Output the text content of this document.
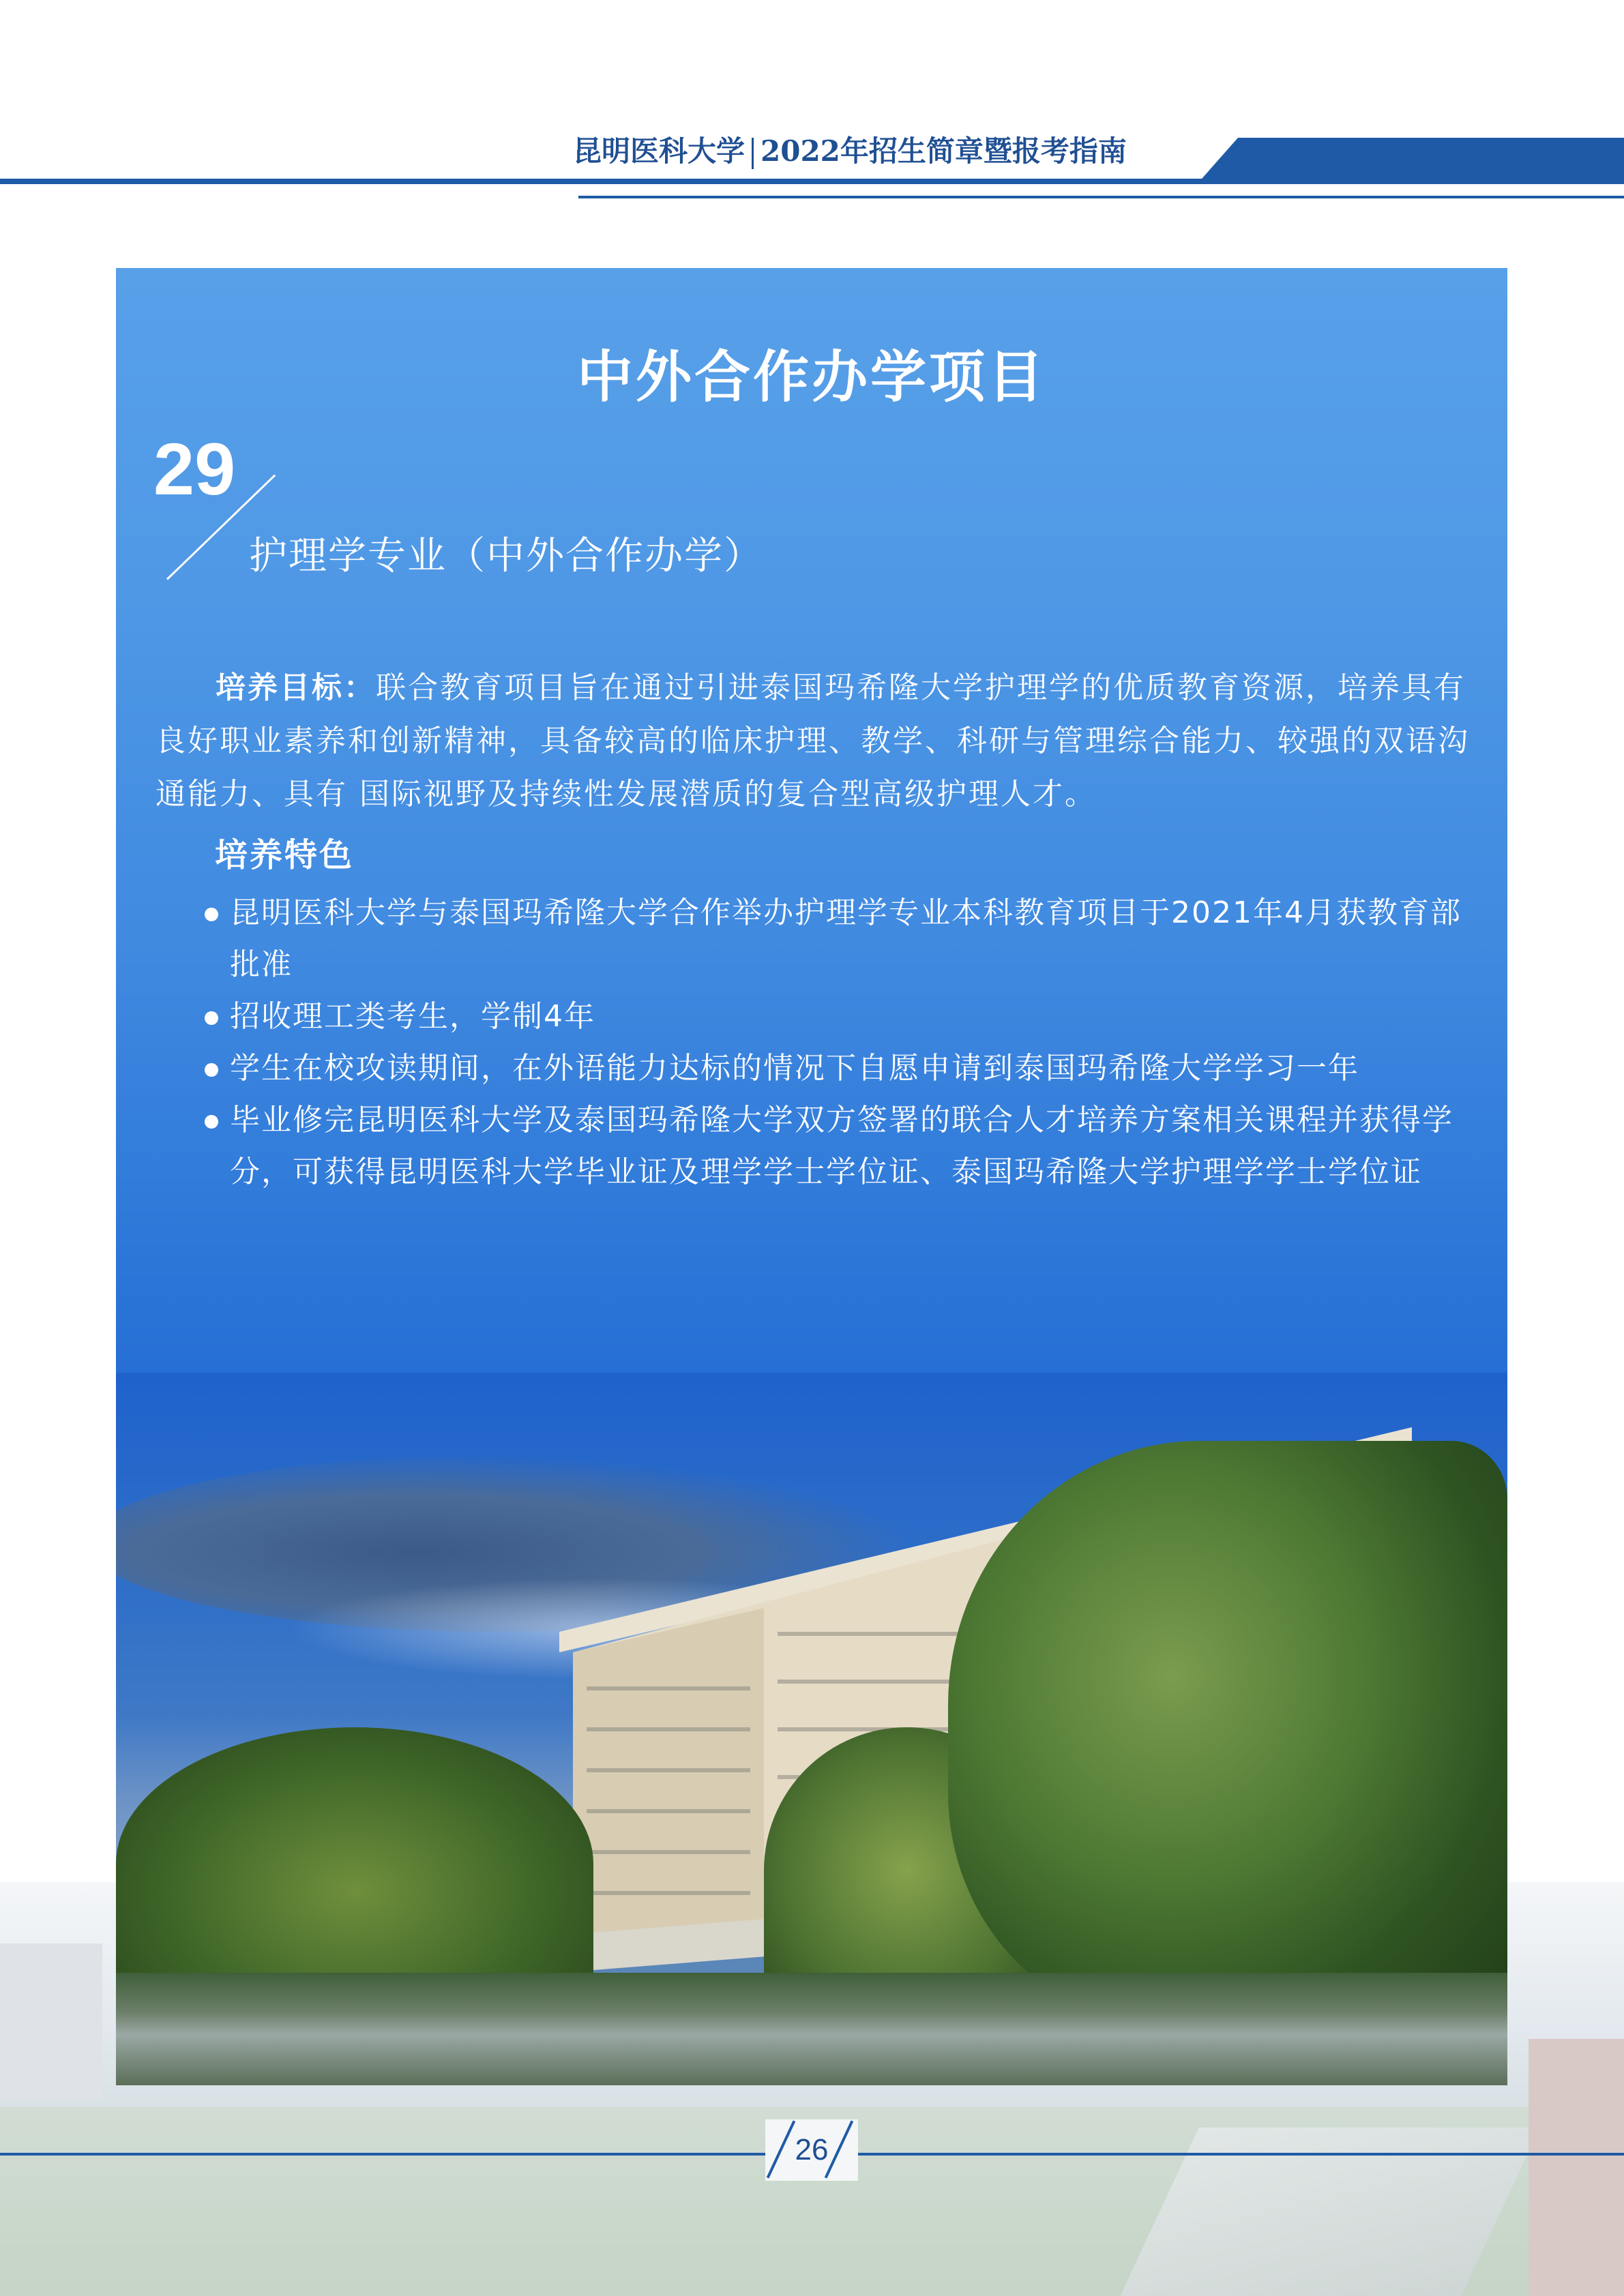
昆明医科大学 2022年招生简章暨报考指南
中外合作办学项目
29
护理学专业（中外合作办学）
培养目标：联合教育项目旨在通过引进泰国玛希隆大学护理学的优质教育资源，培养具有良好职业素养和创新精神，具备较高的临床护理、教学、科研与管理综合能力、较强的双语沟通能力、具有 国际视野及持续性发展潜质的复合型高级护理人才。
培养特色
昆明医科大学与泰国玛希隆大学合作举办护理学专业本科教育项目于2021年4月获教育部批准
招收理工类考生，学制4年
学生在校攻读期间，在外语能力达标的情况下自愿申请到泰国玛希隆大学学习一年
毕业修完昆明医科大学及泰国玛希隆大学双方签署的联合人才培养方案相关课程并获得学分，可获得昆明医科大学毕业证及理学学士学位证、泰国玛希隆大学护理学学士学位证
26
